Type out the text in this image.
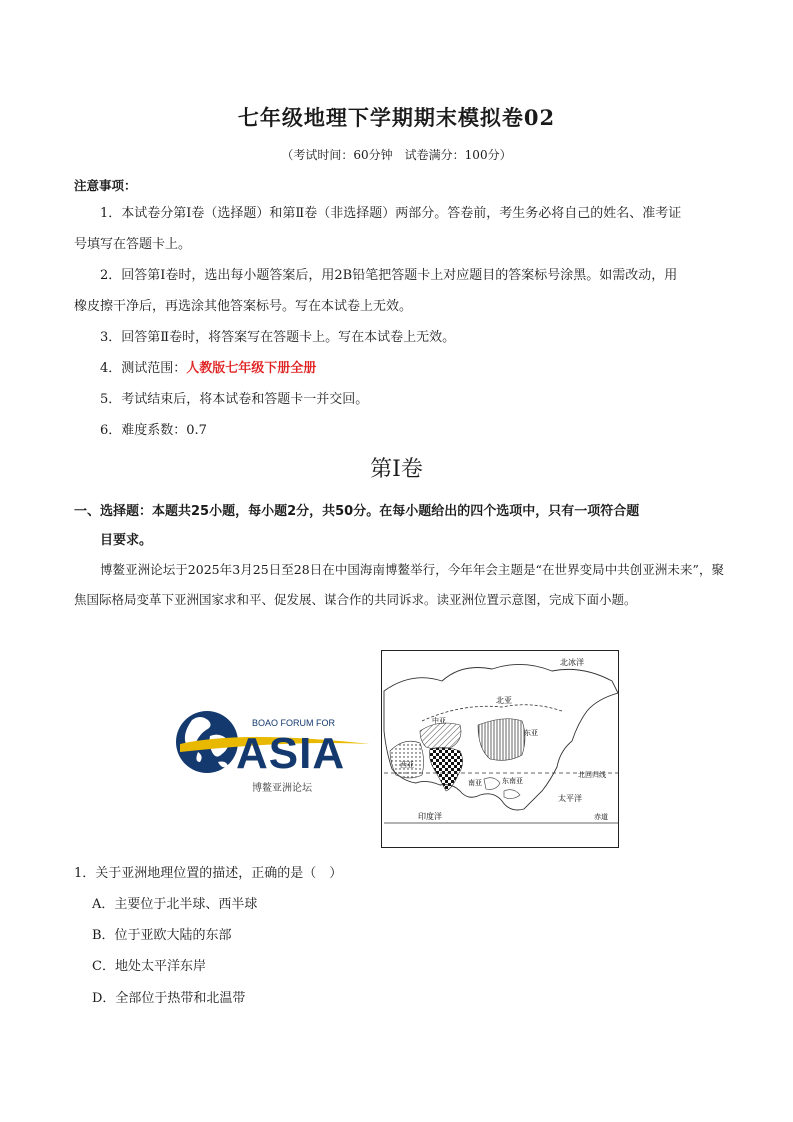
七年级地理下学期期末模拟卷02
（考试时间：60分钟　试卷满分：100分）
注意事项：
1．本试卷分第Ⅰ卷（选择题）和第Ⅱ卷（非选择题）两部分。答卷前，考生务必将自己的姓名、准考证
号填写在答题卡上。
2．回答第Ⅰ卷时，选出每小题答案后，用2B铅笔把答题卡上对应题目的答案标号涂黑。如需改动，用
橡皮擦干净后，再选涂其他答案标号。写在本试卷上无效。
3．回答第Ⅱ卷时，将答案写在答题卡上。写在本试卷上无效。
4．测试范围：人教版七年级下册全册
5．考试结束后，将本试卷和答题卡一并交回。
6．难度系数：0.7
第I卷
一、选择题：本题共25小题，每小题2分，共50分。在每小题给出的四个选项中，只有一项符合题
目要求。
博鳌亚洲论坛于2025年3月25日至28日在中国海南博鳌举行，今年年会主题是“在世界变局中共创亚洲未来”，聚焦国际格局变革下亚洲国家求和平、促发展、谋合作的共同诉求。读亚洲位置示意图，完成下面小题。
BOAO FORUM FOR
ASIA
博鳌亚洲论坛
北冰洋
北亚
西亚
中亚
东亚
南亚	东南亚
北回归线
太平洋
印度洋	赤道
1．关于亚洲地理位置的描述，正确的是（　）
A．主要位于北半球、西半球
B．位于亚欧大陆的东部
C．地处太平洋东岸
D．全部位于热带和北温带
